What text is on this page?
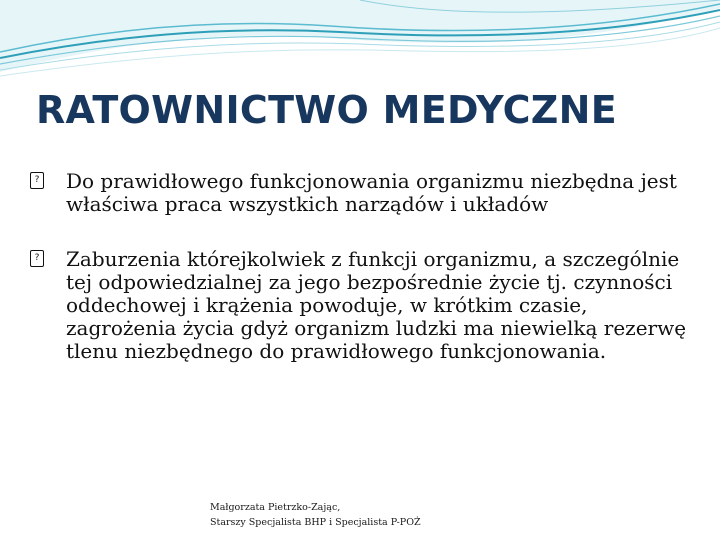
RATOWNICTWO MEDYCZNE

? Do prawidłowego funkcjonowania organizmu niezbędna jest właściwa praca wszystkich narządów i układów

? Zaburzenia którejkolwiek z funkcji organizmu, a szczególnie tej odpowiedzialnej za jego bezpośrednie życie tj. czynności oddechowej i krążenia powoduje, w krótkim czasie, zagrożenia życia gdyż organizm ludzki ma niewielką rezerwę tlenu niezbędnego do prawidłowego funkcjonowania.

Małgorzata Pietrzko-Zając,
Starszy Specjalista BHP i Specjalista P-POŻ
